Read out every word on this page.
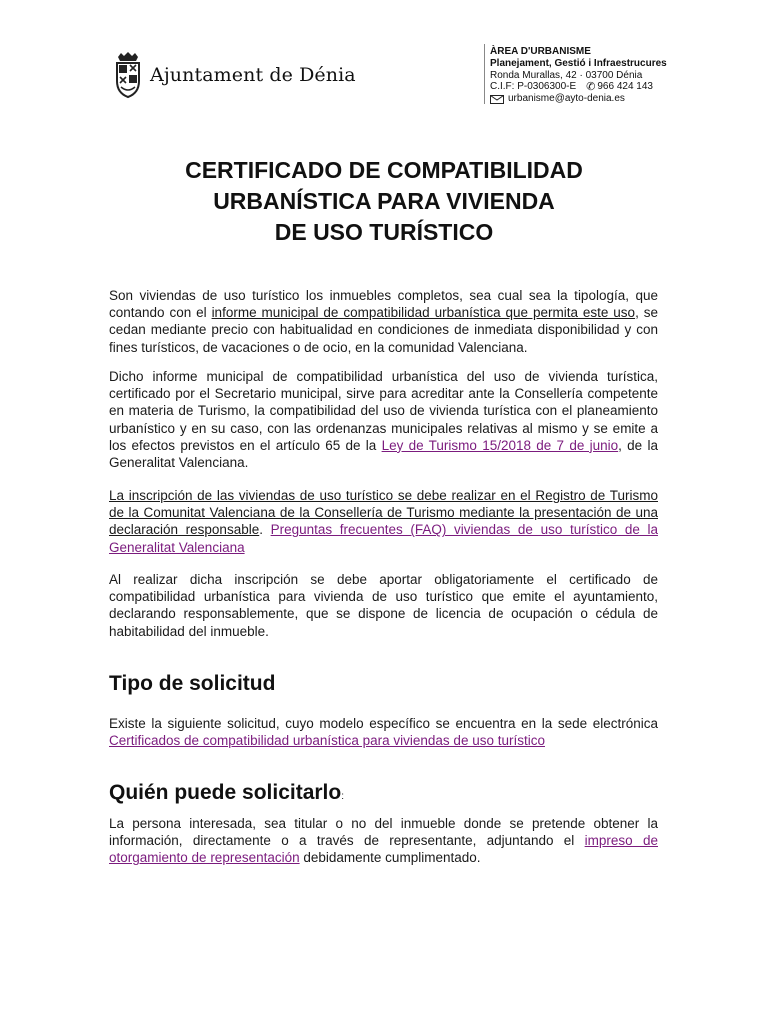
Ajuntament de Dénia
ÀREA D'URBANISME
Planejament, Gestió i Infraestrucures
Ronda Murallas, 42 · 03700 Dénia
C.I.F: P-0306300-E ✆ 966 424 143
urbanisme@ayto-denia.es
CERTIFICADO DE COMPATIBILIDAD
URBANÍSTICA PARA VIVIENDA
DE USO TURÍSTICO
Son viviendas de uso turístico los inmuebles completos, sea cual sea la tipología, que contando con el informe municipal de compatibilidad urbanística que permita este uso, se cedan mediante precio con habitualidad en condiciones de inmediata disponibilidad y con fines turísticos, de vacaciones o de ocio, en la comunidad Valenciana.
Dicho informe municipal de compatibilidad urbanística del uso de vivienda turística, certificado por el Secretario municipal, sirve para acreditar ante la Consellería competente en materia de Turismo, la compatibilidad del uso de vivienda turística con el planeamiento urbanístico y en su caso, con las ordenanzas municipales relativas al mismo y se emite a los efectos previstos en el artículo 65 de la Ley de Turismo 15/2018 de 7 de junio, de la Generalitat Valenciana.
La inscripción de las viviendas de uso turístico se debe realizar en el Registro de Turismo de la Comunitat Valenciana de la Consellería de Turismo mediante la presentación de una declaración responsable. Preguntas frecuentes (FAQ) viviendas de uso turístico de la Generalitat Valenciana
Al realizar dicha inscripción se debe aportar obligatoriamente el certificado de compatibilidad urbanística para vivienda de uso turístico que emite el ayuntamiento, declarando responsablemente, que se dispone de licencia de ocupación o cédula de habitabilidad del inmueble.
Tipo de solicitud
Existe la siguiente solicitud, cuyo modelo específico se encuentra en la sede electrónica Certificados de compatibilidad urbanística para viviendas de uso turístico
Quién puede solicitarlo:
La persona interesada, sea titular o no del inmueble donde se pretende obtener la información, directamente o a través de representante, adjuntando el impreso de otorgamiento de representación debidamente cumplimentado.
